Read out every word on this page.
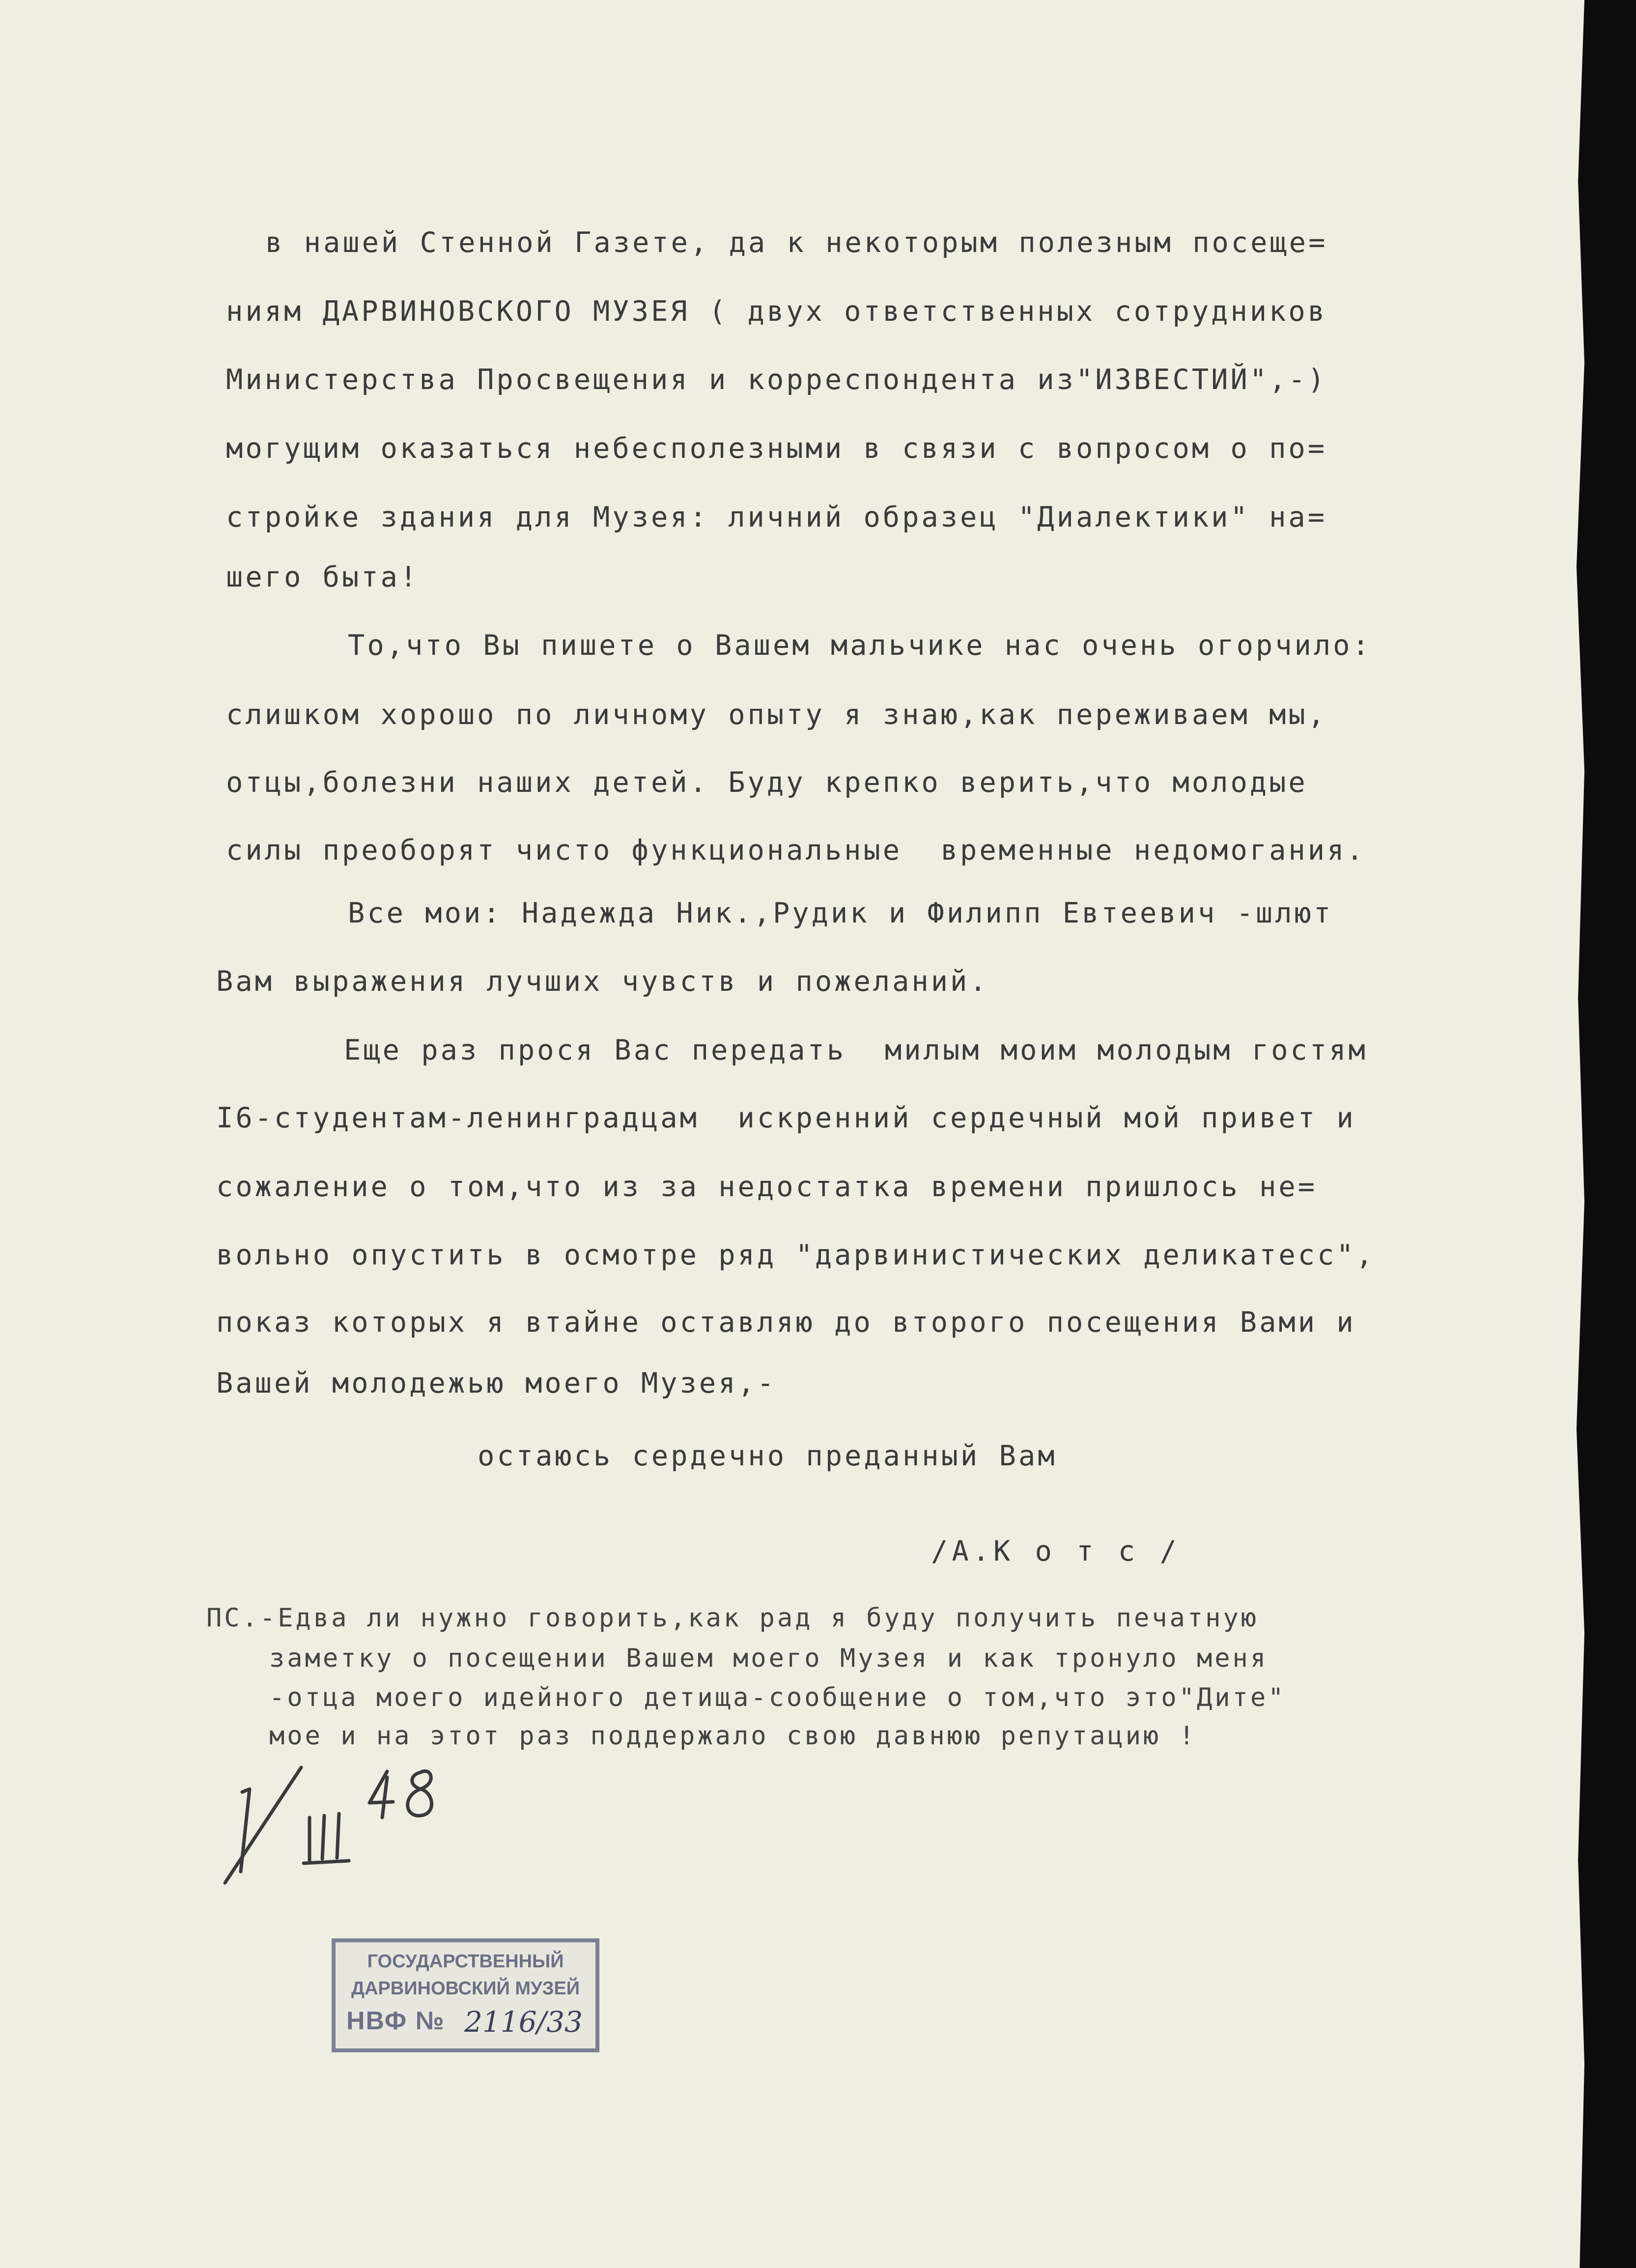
в нашей Стенной Газете, да к некоторым полезным посеще=
ниям ДАРВИНОВСКОГО МУЗЕЯ ( двух ответственных сотрудников
Министерства Просвещения и корреспондента из"ИЗВЕСТИЙ",-)
могущим оказаться небесполезными в связи с вопросом о по=
стройке здания для Музея: личний образец "Диалектики" на=
шего быта!
То,что Вы пишете о Вашем мальчике нас очень огорчило:
слишком хорошо по личному опыту я знаю,как переживаем мы,
отцы,болезни наших детей. Буду крепко верить,что молодые
силы преоборят чисто функциональные  временные недомогания.
Все мои: Надежда Ник.,Рудик и Филипп Евтеевич -шлют
Вам выражения лучших чувств и пожеланий.
Еще раз прося Вас передать  милым моим молодым гостям
I6-студентам-ленинградцам  искренний сердечный мой привет и
сожаление о том,что из за недостатка времени пришлось не=
вольно опустить в осмотре ряд "дарвинистических деликатесс",
показ которых я втайне оставляю до второго посещения Вами и
Вашей молодежью моего Музея,-
остаюсь сердечно преданный Вам
/А.К о т с /
ПС.-Едва ли нужно говорить,как рад я буду получить печатную
заметку о посещении Вашем моего Музея и как тронуло меня
-отца моего идейного детища-сообщение о том,что это"Дите"
мое и на этот раз поддержало свою давнюю репутацию !
ГОСУДАРСТВЕННЫЙ
ДАРВИНОВСКИЙ МУЗЕЙ
НВФ № 2116/33
